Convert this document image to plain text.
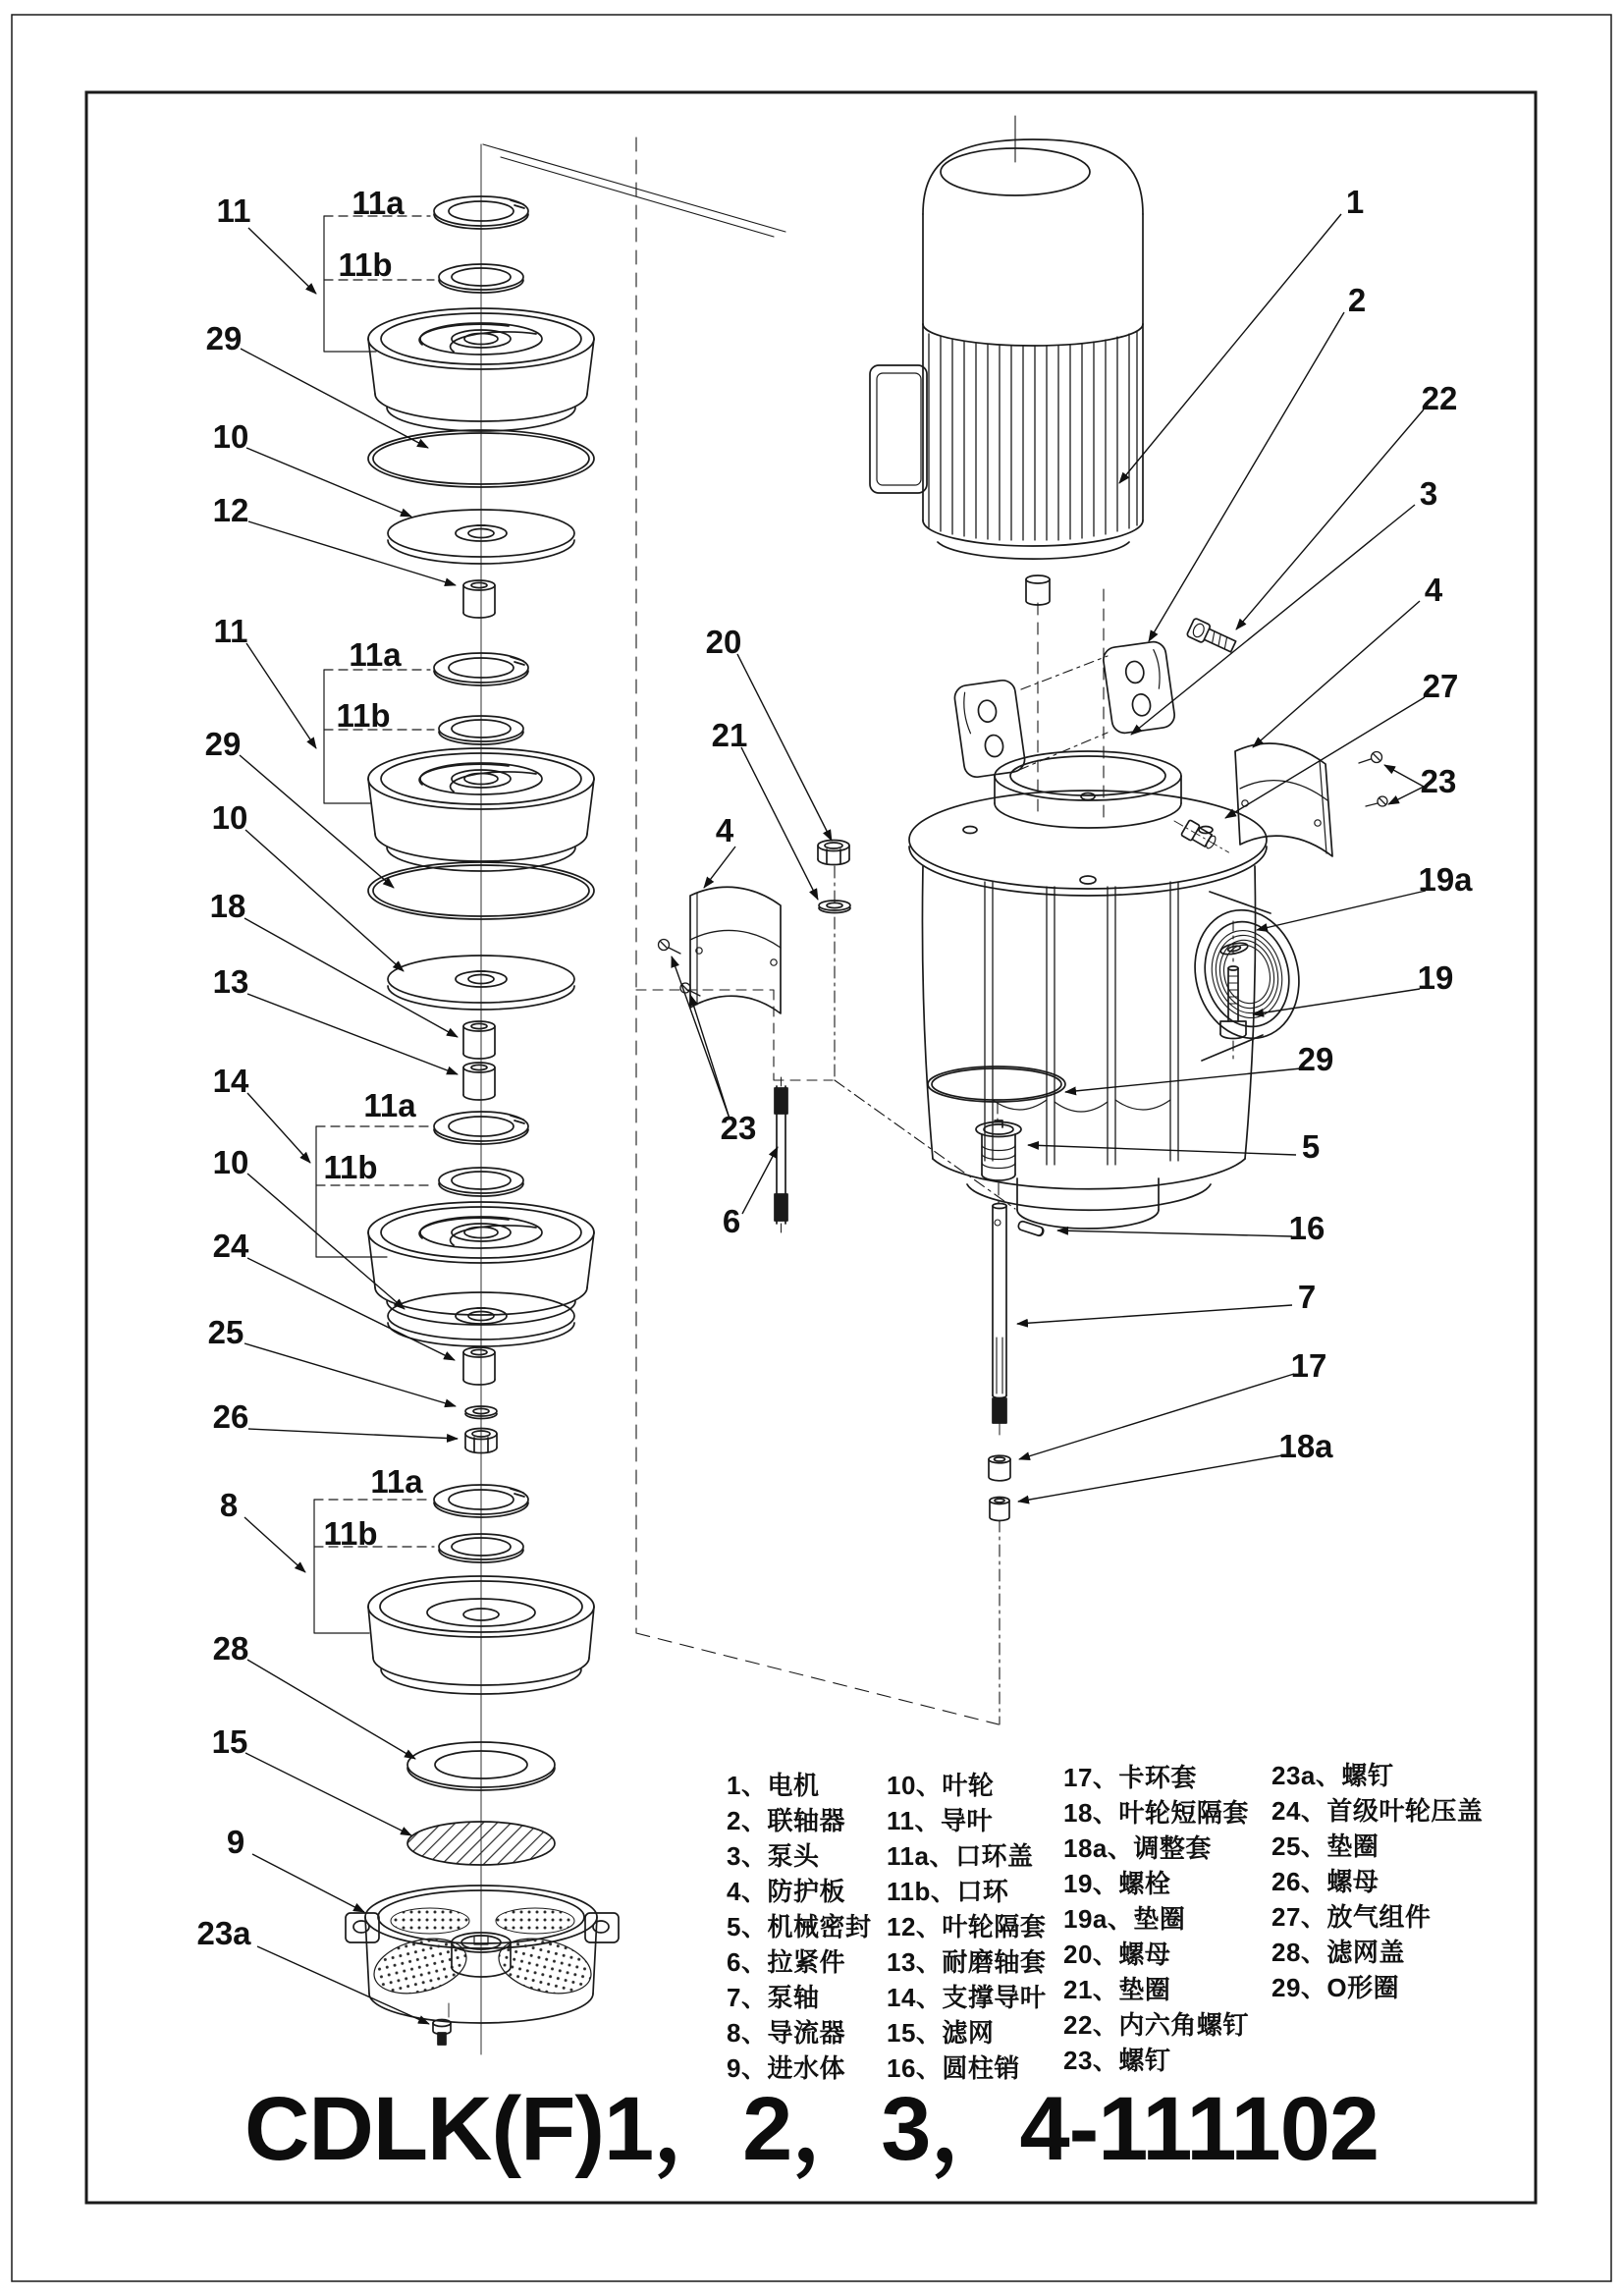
11	11a
11b
29
10
12
11
11a
11b
29
10
18
13
14
11a
11b
10
24
25
26
8
11a
11b
28
15
9
23a
1
2
22
3
4
27
23
19a
19
29
5
16
7
17
18a
20
21
4
23
6
1、电机
2、联轴器
3、泵头
4、防护板
5、机械密封
6、拉紧件
7、泵轴
8、导流器
9、进水体
10、叶轮
11、导叶
11a、口环盖
11b、口环
12、叶轮隔套
13、耐磨轴套
14、支撑导叶
15、滤网
16、圆柱销
17、卡环套
18、叶轮短隔套
18a、调整套
19、螺栓
19a、垫圈
20、螺母
21、垫圈
22、内六角螺钉
23、螺钉
23a、螺钉
24、首级叶轮压盖
25、垫圈
26、螺母
27、放气组件
28、滤网盖
29、O形圈
CDLK(F)1，2，3，4-111102
